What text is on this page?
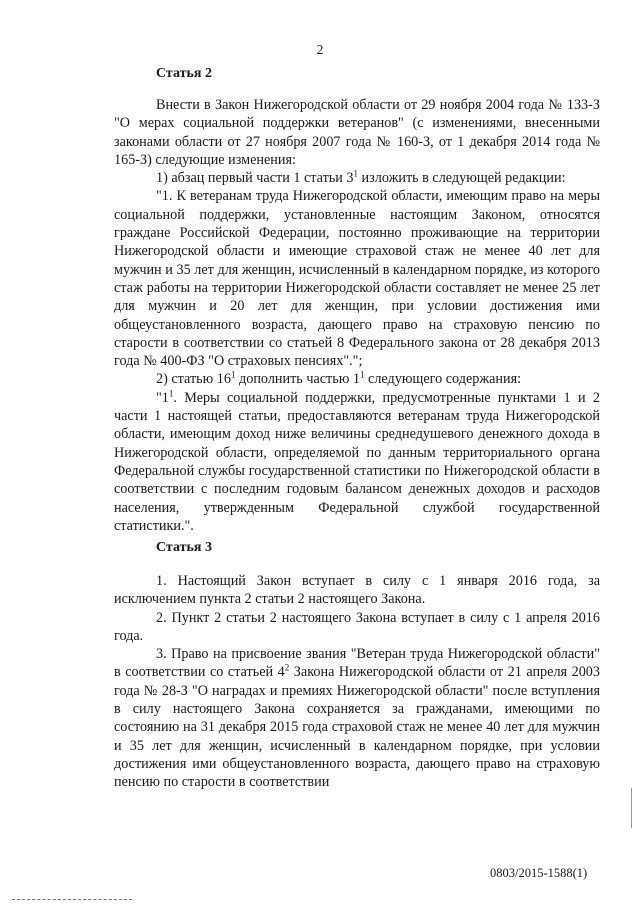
2
Статья 2

Внести в Закон Нижегородской области от 29 ноября 2004 года № 133-З "О мерах социальной поддержки ветеранов" (с изменениями, внесенными законами области от 27 ноября 2007 года № 160-З, от 1 декабря 2014 года № 165-З) следующие изменения:

1) абзац первый части 1 статьи $3^1$ изложить в следующей редакции:

"1. К ветеранам труда Нижегородской области, имеющим право на меры социальной поддержки, установленные настоящим Законом, относятся граждане Российской Федерации, постоянно проживающие на территории Нижегородской области и имеющие страховой стаж не менее 40 лет для мужчин и 35 лет для женщин, исчисленный в календарном порядке, из которого стаж работы на территории Нижегородской области составляет не менее 25 лет для мужчин и 20 лет для женщин, при условии достижения ими общеустановленного возраста, дающего право на страховую пенсию по старости в соответствии со статьей 8 Федерального закона от 28 декабря 2013 года № 400-ФЗ "О страховых пенсиях".";

2) статью $16^1$ дополнить частью $1^1$ следующего содержания:

"$1^1$. Меры социальной поддержки, предусмотренные пунктами 1 и 2 части 1 настоящей статьи, предоставляются ветеранам труда Нижегородской области, имеющим доход ниже величины среднедушевого денежного дохода в Нижегородской области, определяемой по данным территориального органа Федеральной службы государственной статистики по Нижегородской области в соответствии с последним годовым балансом денежных доходов и расходов населения, утвержденным Федеральной службой государственной статистики.".

Статья 3

1. Настоящий Закон вступает в силу с 1 января 2016 года, за исключением пункта 2 статьи 2 настоящего Закона.

2. Пункт 2 статьи 2 настоящего Закона вступает в силу с 1 апреля 2016 года.

3. Право на присвоение звания "Ветеран труда Нижегородской области" в соответствии со статьей $4^2$ Закона Нижегородской области от 21 апреля 2003 года № 28-З "О наградах и премиях Нижегородской области" после вступления в силу настоящего Закона сохраняется за гражданами, имеющими по состоянию на 31 декабря 2015 года страховой стаж не менее 40 лет для мужчин и 35 лет для женщин, исчисленный в календарном порядке, при условии достижения ими общеустановленного возраста, дающего право на страховую пенсию по старости в соответствии

0803/2015-1588(1)
